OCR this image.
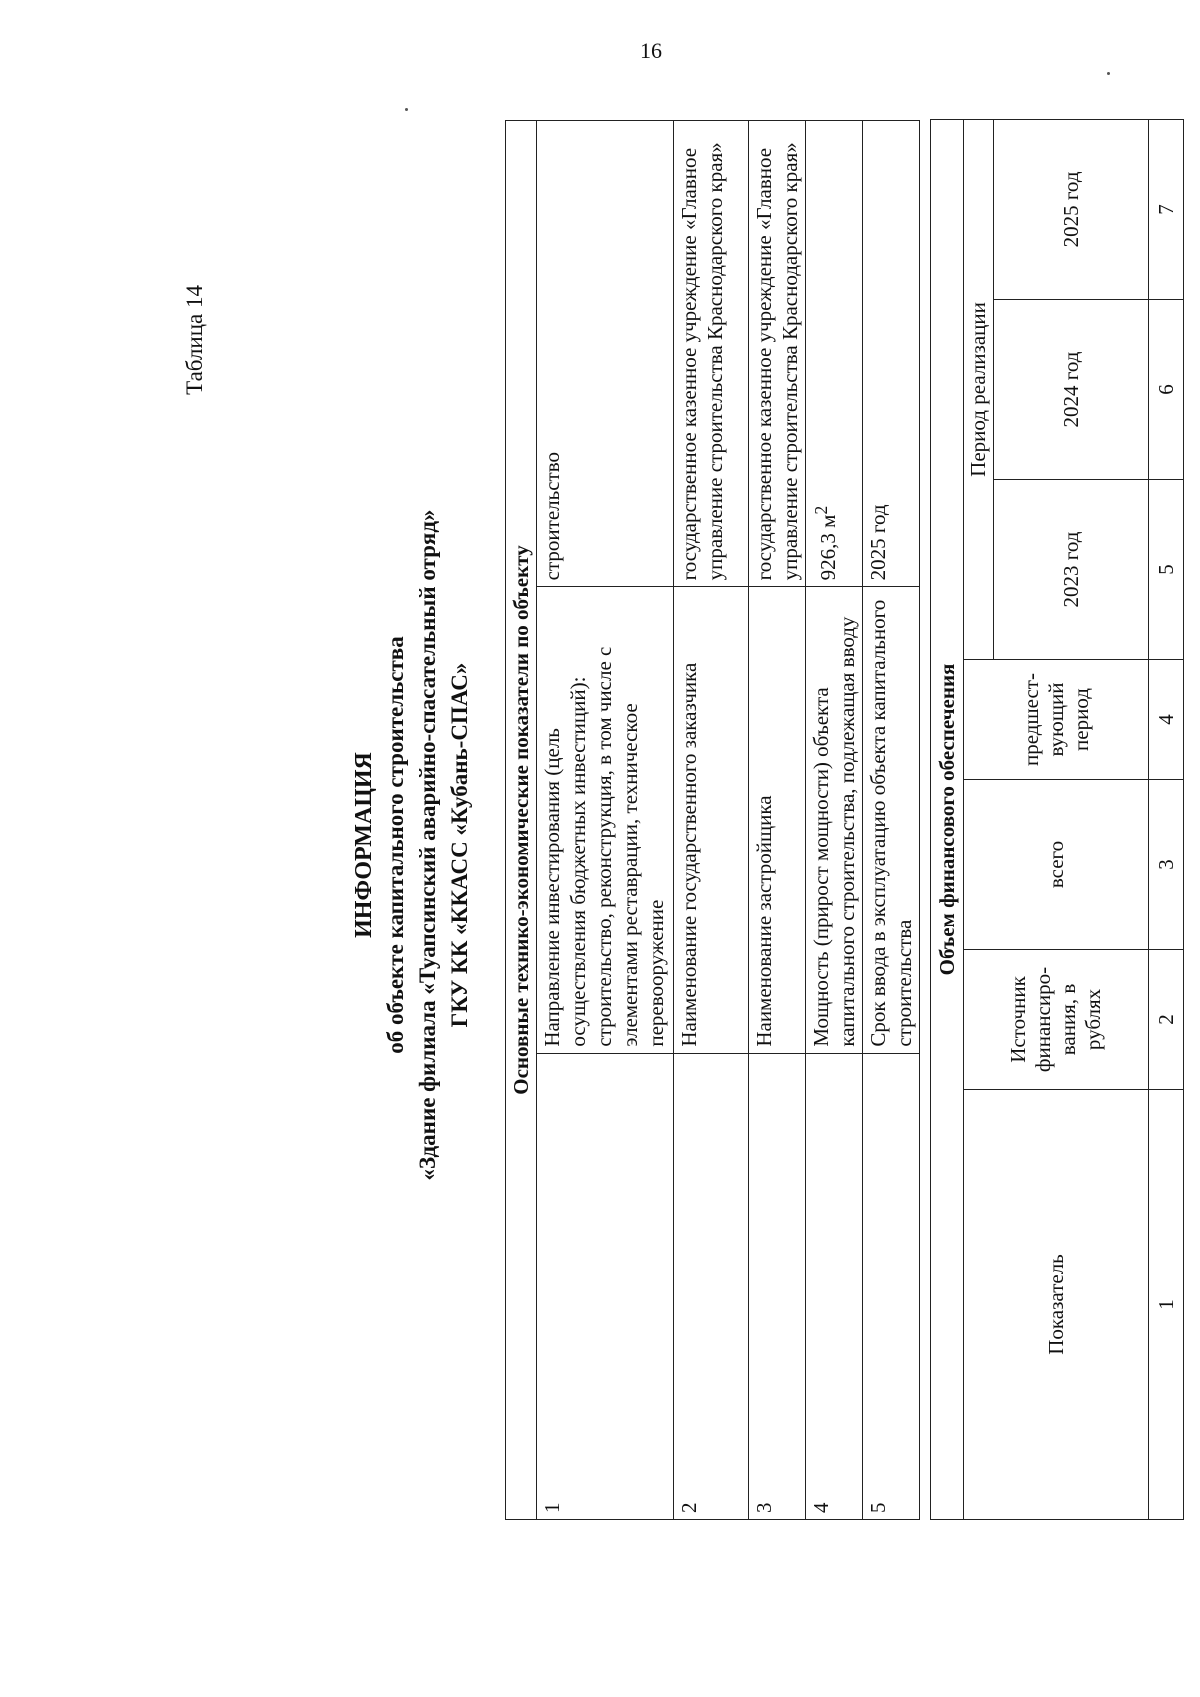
16
Таблица 14
ИНФОРМАЦИЯ об объекте капитального строительства «Здание филиала «Туапсинский аварийно-спасательный отряд» ГКУ КК «ККАСС «Кубань-СПАС» Основные технико-экономические показатели по объекту		
1	Направление инвестирования (цель осуществления бюджетных инвестиций): строительство, реконструкция, в том числе с элементами реставрации, техническое перевооружение	строительство
2	Наименование государственного заказчика	государственное казенное учреждение «Главное управление строительства Краснодарского края»
3	Наименование застройщика	государственное казенное учреждение «Главное управление строительства Краснодарского края»
4	Мощность (прирост мощности) объекта капитального строительства, подлежащая вводу	926,3 $м^2$
5	Срок ввода в эксплуатацию объекта капитального строительства	2025 год
Объем финансового обеспечения						
Показатель	Источник финансиро- вания, в рублях	всего	предшест- вующий период	Период реализации		
				2023 год	2024 год	2025 год
1	2	3	4	5	6	7
